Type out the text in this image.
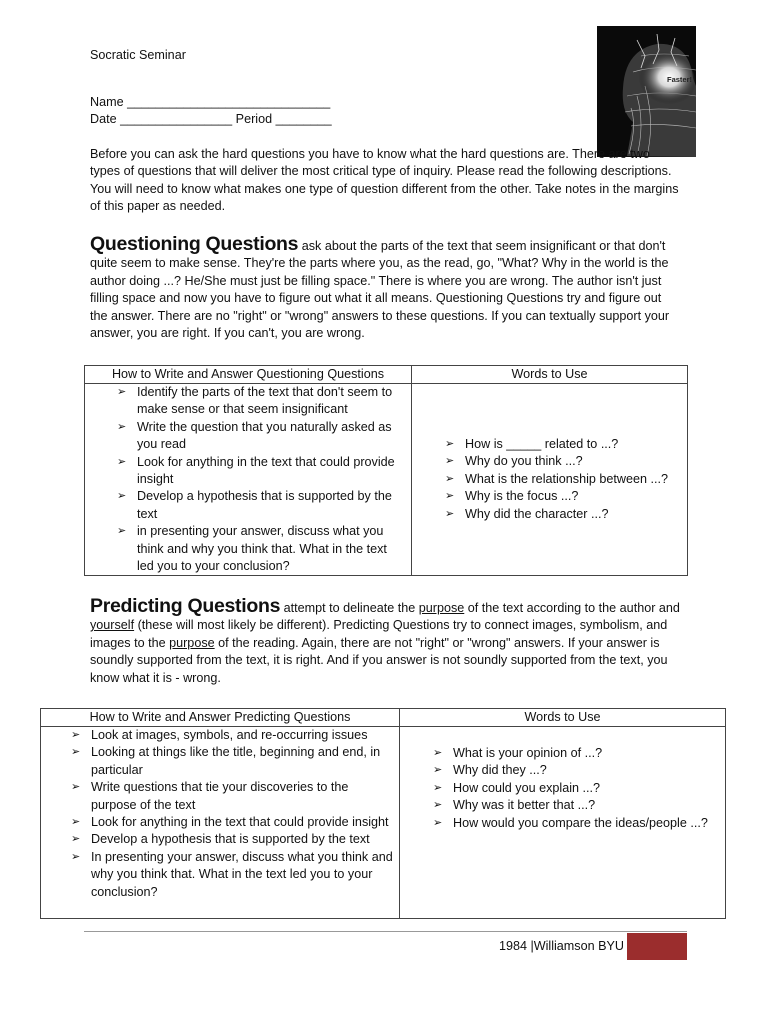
Socratic Seminar
Name _____________________________
Date ________________ Period ________
Faster!
Before you can ask the hard questions you have to know what the hard questions are. There are two types of questions that will deliver the most critical type of inquiry. Please read the following descriptions. You will need to know what makes one type of question different from the other. Take notes in the margins of this paper as needed.
Questioning Questions ask about the parts of the text that seem insignificant or that don't quite seem to make sense. They're the parts where you, as the read, go, "What? Why in the world is the author doing ...? He/She must just be filling space." There is where you are wrong. The author isn't just filling space and now you have to figure out what it all means. Questioning Questions try and figure out the answer. There are no "right" or "wrong" answers to these questions. If you can textually support your answer, you are right. If you can't, you are wrong.
How to Write and Answer Questioning Questions	Words to Use
➢ Identify the parts of the text that don't seem to make sense or that seem insignificant
➢ Write the question that you naturally asked as you read
➢ Look for anything in the text that could provide insight
➢ Develop a hypothesis that is supported by the text
➢ in presenting your answer, discuss what you think and why you think that. What in the text led you to your conclusion?
➢ How is _____ related to ...?
➢ Why do you think ...?
➢ What is the relationship between ...?
➢ Why is the focus ...?
➢ Why did the character ...?
Predicting Questions attempt to delineate the purpose of the text according to the author and yourself (these will most likely be different). Predicting Questions try to connect images, symbolism, and images to the purpose of the reading. Again, there are not "right" or "wrong" answers. If your answer is soundly supported from the text, it is right. And if you answer is not soundly supported from the text, you know what it is - wrong.
How to Write and Answer Predicting Questions	Words to Use
➢ Look at images, symbols, and re-occurring issues
➢ Looking at things like the title, beginning and end, in particular
➢ Write questions that tie your discoveries to the purpose of the text
➢ Look for anything in the text that could provide insight
➢ Develop a hypothesis that is supported by the text
➢ In presenting your answer, discuss what you think and why you think that. What in the text led you to your conclusion?
➢ What is your opinion of ...?
➢ Why did they ...?
➢ How could you explain ...?
➢ Why was it better that ...?
➢ How would you compare the ideas/people ...?
1984 |Williamson BYU
